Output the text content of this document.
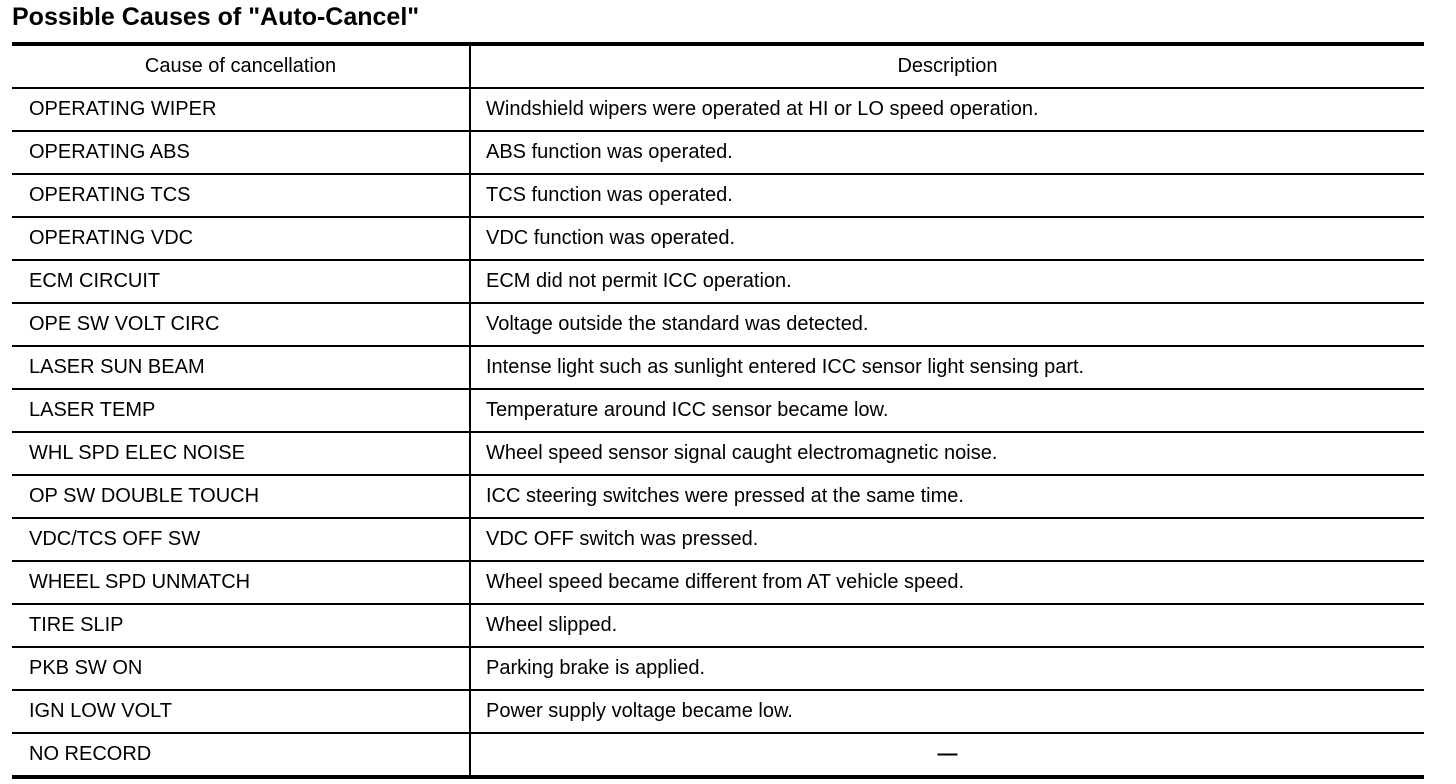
Possible Causes of "Auto-Cancel"
Cause of cancellation	Description
OPERATING WIPER	Windshield wipers were operated at HI or LO speed operation.
OPERATING ABS	ABS function was operated.
OPERATING TCS	TCS function was operated.
OPERATING VDC	VDC function was operated.
ECM CIRCUIT	ECM did not permit ICC operation.
OPE SW VOLT CIRC	Voltage outside the standard was detected.
LASER SUN BEAM	Intense light such as sunlight entered ICC sensor light sensing part.
LASER TEMP	Temperature around ICC sensor became low.
WHL SPD ELEC NOISE	Wheel speed sensor signal caught electromagnetic noise.
OP SW DOUBLE TOUCH	ICC steering switches were pressed at the same time.
VDC/TCS OFF SW	VDC OFF switch was pressed.
WHEEL SPD UNMATCH	Wheel speed became different from AT vehicle speed.
TIRE SLIP	Wheel slipped.
PKB SW ON	Parking brake is applied.
IGN LOW VOLT	Power supply voltage became low.
NO RECORD	—
